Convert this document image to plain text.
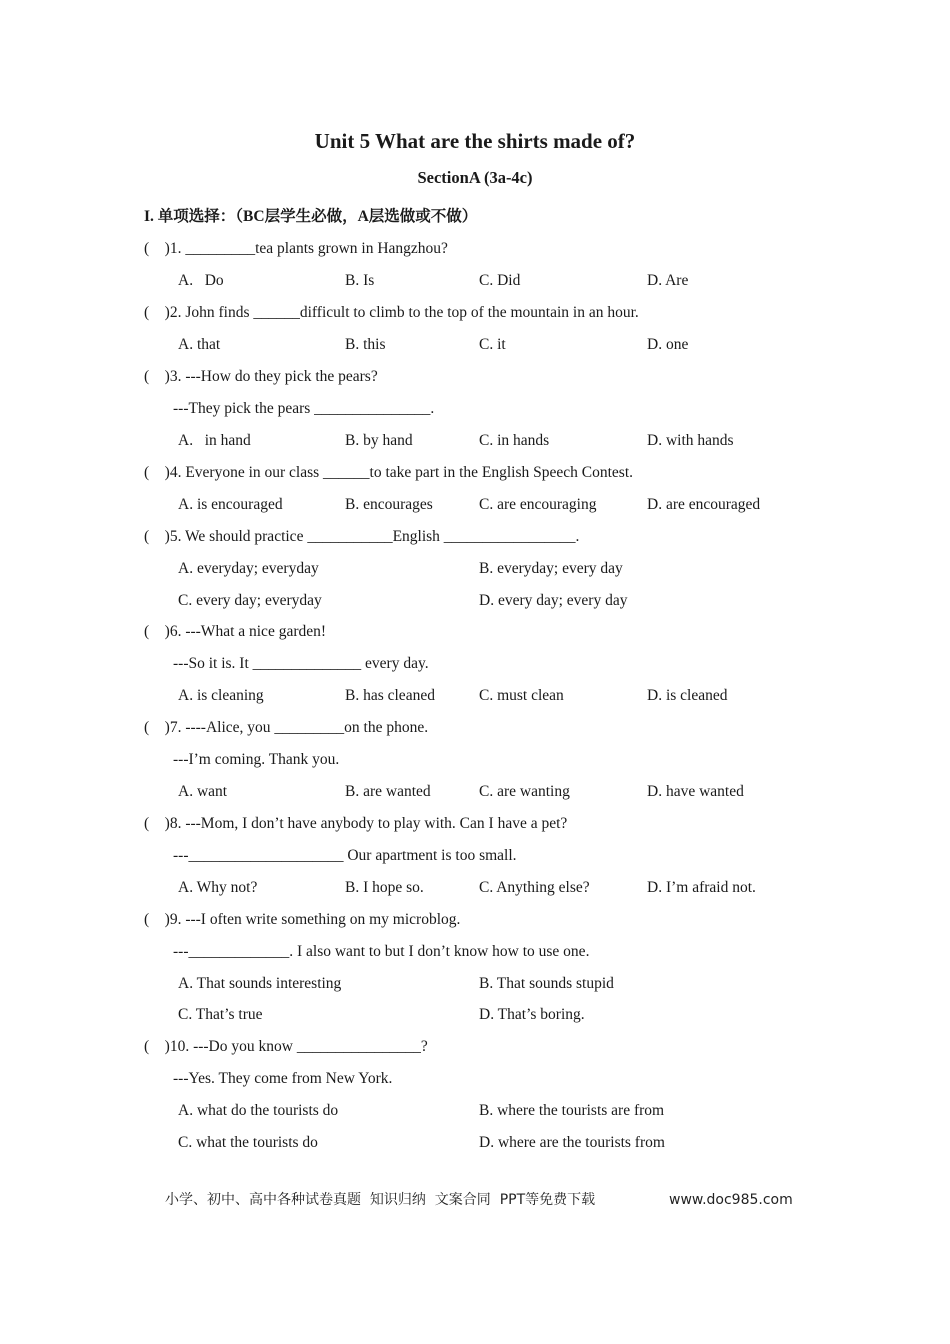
Unit 5 What are the shirts made of?
SectionA (3a-4c)
I. 单项选择：（BC层学生必做，A层选做或不做）
(    )1. _________tea plants grown in Hangzhou?
A.   Do	B. Is	C. Did	D. Are
(    )2. John finds ______difficult to climb to the top of the mountain in an hour.
A. that	B. this	C. it	D. one
(    )3. ---How do they pick the pears?
---They pick the pears _______________.
A.   in hand	B. by hand	C. in hands	D. with hands
(    )4. Everyone in our class ______to take part in the English Speech Contest.
A. is encouraged	B. encourages	C. are encouraging	D. are encouraged
(    )5. We should practice ___________English _________________.
A. everyday; everyday	B. everyday; every day
C. every day; everyday	D. every day; every day
(    )6. ---What a nice garden!
---So it is. It ______________ every day.
A. is cleaning	B. has cleaned	C. must clean	D. is cleaned
(    )7. ----Alice, you _________on the phone.
---I’m coming. Thank you.
A. want	B. are wanted	C. are wanting	D. have wanted
(    )8. ---Mom, I don’t have anybody to play with. Can I have a pet?
---____________________ Our apartment is too small.
A. Why not?	B. I hope so.	C. Anything else?	D. I’m afraid not.
(    )9. ---I often write something on my microblog.
---_____________. I also want to but I don’t know how to use one.
A. That sounds interesting	B. That sounds stupid
C. That’s true	D. That’s boring.
(    )10. ---Do you know ________________?
---Yes. They come from New York.
A. what do the tourists do	B. where the tourists are from
C. what the tourists do	D. where are the tourists from
小学、初中、高中各种试卷真题  知识归纳  文案合同  PPT等免费下载	www.doc985.com
